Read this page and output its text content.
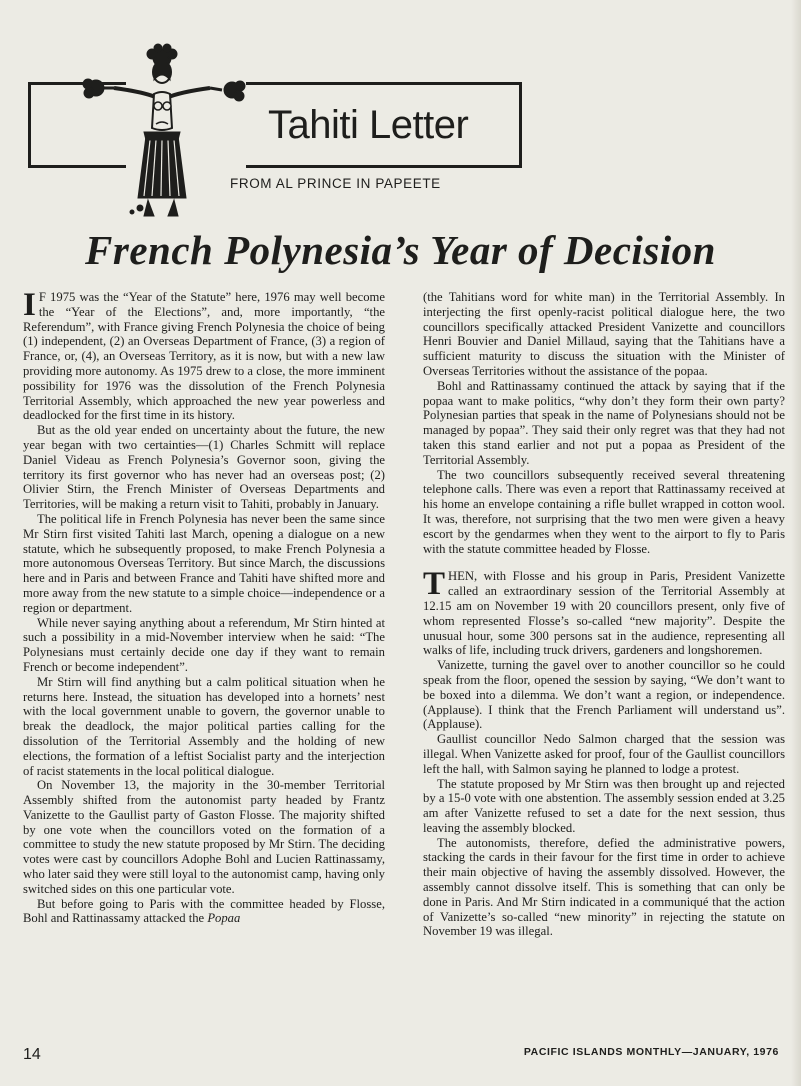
Tahiti Letter
FROM AL PRINCE IN PAPEETE
French Polynesia’s Year of Decision

I F 1975 was the “Year of the Statute” here, 1976 may well become the “Year of the Elections”, and, more importantly, “the Referendum”, with France giving French Polynesia the choice of being (1) independent, (2) an Overseas Department of France, (3) a region of France, or, (4), an Overseas Territory, as it is now, but with a new law providing more autonomy. As 1975 drew to a close, the more imminent possibility for 1976 was the dissolution of the French Polynesia Territorial Assembly, which approached the new year powerless and deadlocked for the first time in its history.

But as the old year ended on uncertainty about the future, the new year began with two certainties—(1) Charles Schmitt will replace Daniel Videau as French Polynesia’s Governor soon, giving the territory its first governor who has never had an overseas post; (2) Olivier Stirn, the French Minister of Overseas Departments and Territories, will be making a return visit to Tahiti, probably in January.

The political life in French Polynesia has never been the same since Mr Stirn first visited Tahiti last March, opening a dialogue on a new statute, which he subsequently proposed, to make French Polynesia a more autonomous Overseas Territory. But since March, the discussions here and in Paris and between France and Tahiti have shifted more and more away from the new statute to a simple choice—independence or a region or department.

While never saying anything about a referendum, Mr Stirn hinted at such a possibility in a mid-November interview when he said: “The Polynesians must certainly decide one day if they want to remain French or become independent”.

Mr Stirn will find anything but a calm political situation when he returns here. Instead, the situation has developed into a hornets’ nest with the local government unable to govern, the governor unable to break the deadlock, the major political parties calling for the dissolution of the Territorial Assembly and the holding of new elections, the formation of a leftist Socialist party and the interjection of racist statements in the local political dialogue.

On November 13, the majority in the 30-member Territorial Assembly shifted from the autonomist party headed by Frantz Vanizette to the Gaullist party of Gaston Flosse. The majority shifted by one vote when the councillors voted on the formation of a committee to study the new statute proposed by Mr Stirn. The deciding votes were cast by councillors Adophe Bohl and Lucien Rattinassamy, who later said they were still loyal to the autonomist camp, having only switched sides on this one particular vote.

But before going to Paris with the committee headed by Flosse, Bohl and Rattinassamy attacked the Popaa

(the Tahitians word for white man) in the Territorial Assembly. In interjecting the first openly-racist political dialogue here, the two councillors specifically attacked President Vanizette and councillors Henri Bouvier and Daniel Millaud, saying that the Tahitians have a sufficient maturity to discuss the situation with the Minister of Overseas Territories without the assistance of the popaa.

Bohl and Rattinassamy continued the attack by saying that if the popaa want to make politics, “why don’t they form their own party? Polynesian parties that speak in the name of Polynesians should not be managed by popaa”. They said their only regret was that they had not taken this stand earlier and not put a popaa as President of the Territorial Assembly.

The two councillors subsequently received several threatening telephone calls. There was even a report that Rattinassamy received at his home an envelope containing a rifle bullet wrapped in cotton wool. It was, therefore, not surprising that the two men were given a heavy escort by the gendarmes when they went to the airport to fly to Paris with the statute committee headed by Flosse.

THEN, with Flosse and his group in Paris, President Vanizette called an extraordinary session of the Territorial Assembly at 12.15 am on November 19 with 20 councillors present, only five of whom represented Flosse’s so-called “new majority”. Despite the unusual hour, some 300 persons sat in the audience, representing all walks of life, including truck drivers, gardeners and longshoremen.

Vanizette, turning the gavel over to another councillor so he could speak from the floor, opened the session by saying, “We don’t want to be boxed into a dilemma. We don’t want a region, or independence. (Applause). I think that the French Parliament will understand us”. (Applause).

Gaullist councillor Nedo Salmon charged that the session was illegal. When Vanizette asked for proof, four of the Gaullist councillors left the hall, with Salmon saying he planned to lodge a protest.

The statute proposed by Mr Stirn was then brought up and rejected by a 15-0 vote with one abstention. The assembly session ended at 3.25 am after Vanizette refused to set a date for the next session, thus leaving the assembly blocked.

The autonomists, therefore, defied the administrative powers, stacking the cards in their favour for the first time in order to achieve their main objective of having the assembly dissolved. However, the assembly cannot dissolve itself. This is something that can only be done in Paris. And Mr Stirn indicated in a communiqué that the action of Vanizette’s so-called “new minority” in rejecting the statute on November 19 was illegal.

14	PACIFIC ISLANDS MONTHLY—JANUARY, 1976
